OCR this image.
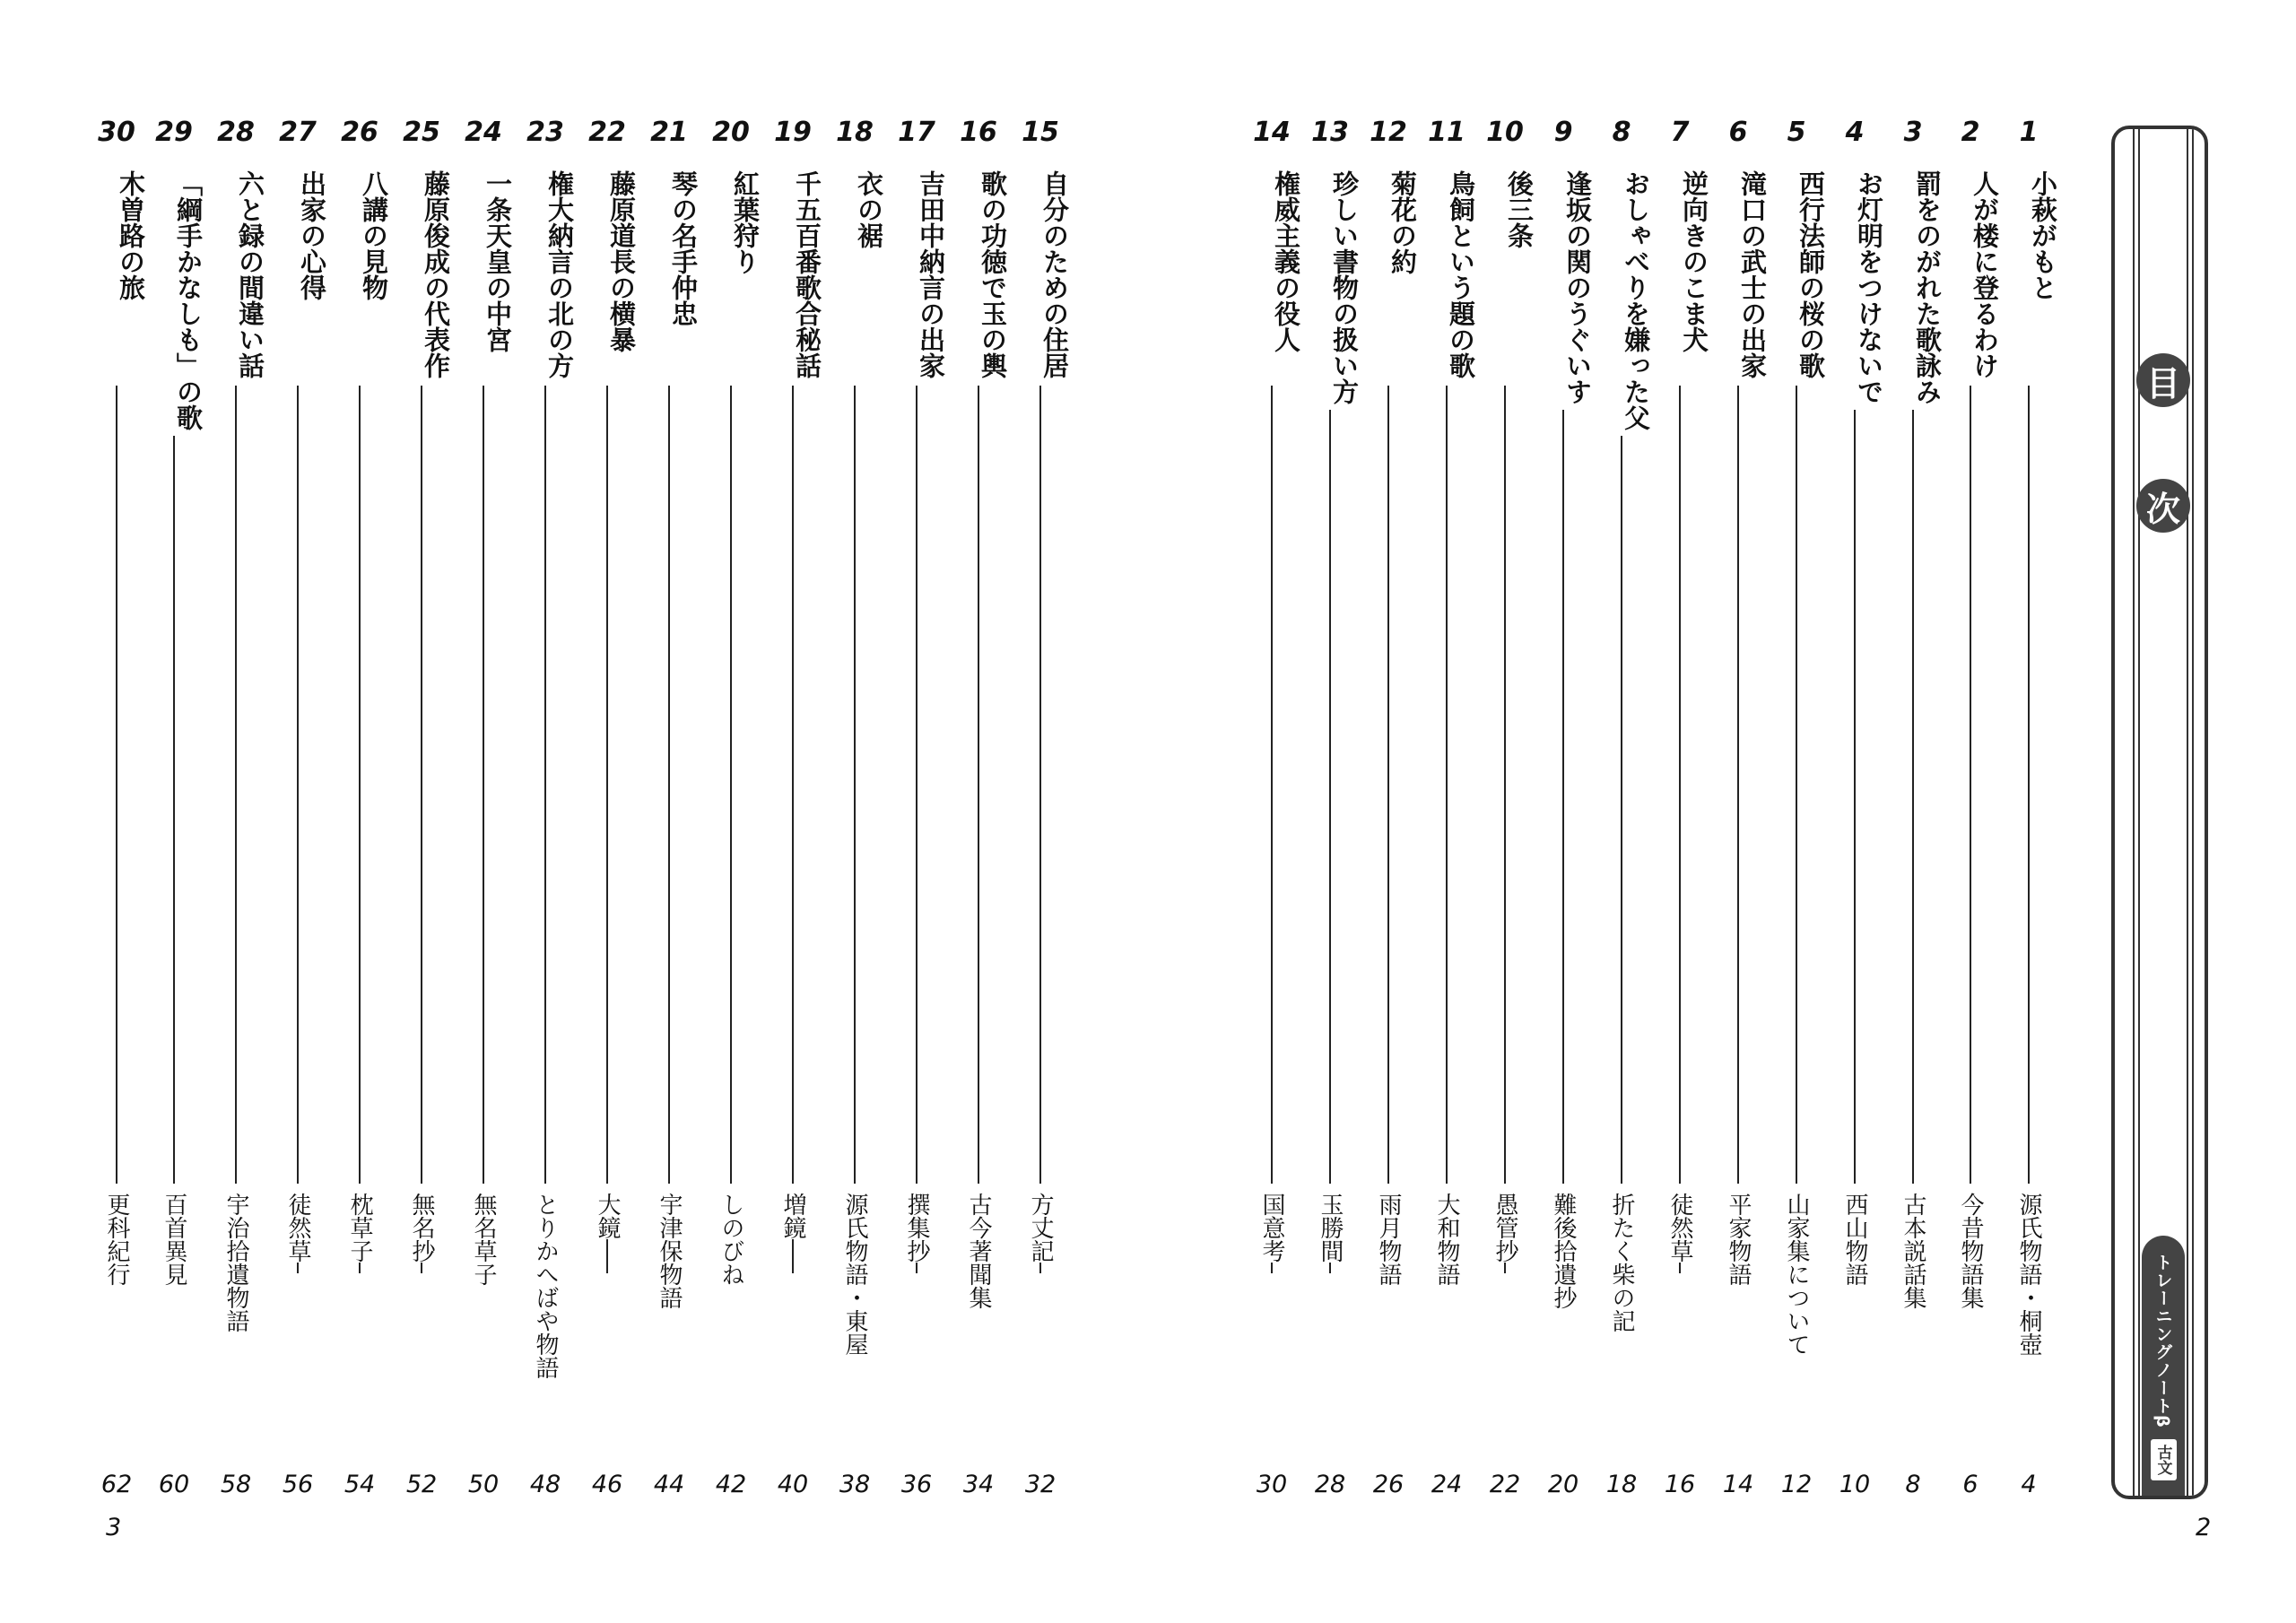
1
小萩がもと
源氏物語・桐壺
4
2
人が楼に登るわけ
今昔物語集
6
3
罰をのがれた歌詠み
古本説話集
8
4
お灯明をつけないで
西山物語
10
5
西行法師の桜の歌
山家集について
12
6
滝口の武士の出家
平家物語
14
7
逆向きのこま犬
徒然草
16
8
おしゃべりを嫌った父
折たく柴の記
18
9
逢坂の関のうぐいす
難後拾遺抄
20
10
後三条
愚管抄
22
11
鳥飼という題の歌
大和物語
24
12
菊花の約
雨月物語
26
13
珍しい書物の扱い方
玉勝間
28
14
権威主義の役人
国意考
30
15
自分のための住居
方丈記
32
16
歌の功徳で玉の輿
古今著聞集
34
17
吉田中納言の出家
撰集抄
36
18
衣の裾
源氏物語・東屋
38
19
千五百番歌合秘話
増鏡
40
20
紅葉狩り
しのびね
42
21
琴の名手仲忠
宇津保物語
44
22
藤原道長の横暴
大鏡
46
23
権大納言の北の方
とりかへばや物語
48
24
一条天皇の中宮
無名草子
50
25
藤原俊成の代表作
無名抄
52
26
八講の見物
枕草子
54
27
出家の心得
徒然草
56
28
六と録の間違い話
宇治拾遺物語
58
29
「綱手かなしも」の歌
百首異見
60
30
木曽路の旅
更科紀行
62
3	2
目
次
トレーニングノートβ
古文
